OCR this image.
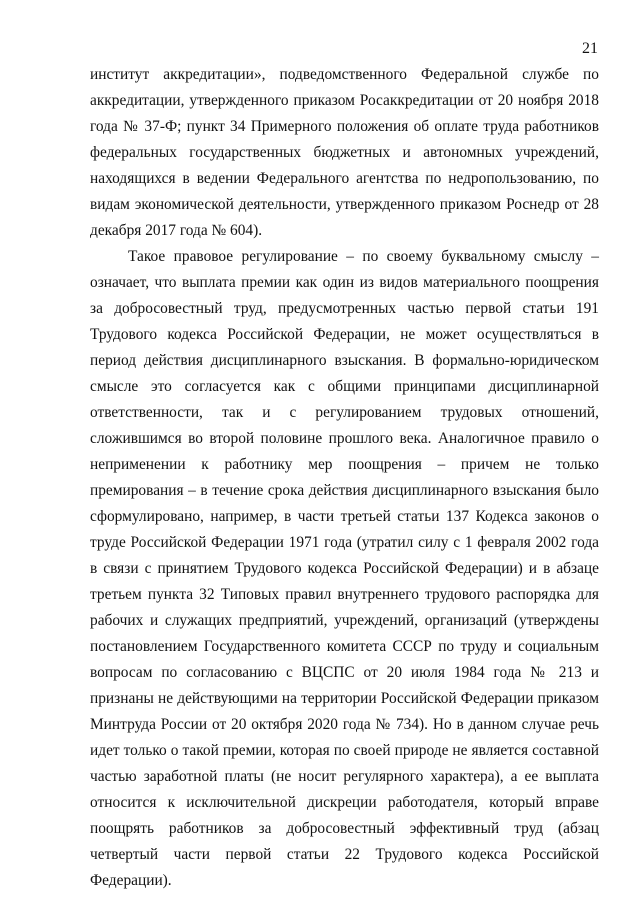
21

институт аккредитации», подведомственного Федеральной службе по аккредитации, утвержденного приказом Росаккредитации от 20 ноября 2018 года № 37-Ф; пункт 34 Примерного положения об оплате труда работников федеральных государственных бюджетных и автономных учреждений, находящихся в ведении Федерального агентства по недропользованию, по видам экономической деятельности, утвержденного приказом Роснедр от 28 декабря 2017 года № 604).

Такое правовое регулирование – по своему буквальному смыслу – означает, что выплата премии как один из видов материального поощрения за добросовестный труд, предусмотренных частью первой статьи 191 Трудового кодекса Российской Федерации, не может осуществляться в период действия дисциплинарного взыскания. В формально-юридическом смысле это согласуется как с общими принципами дисциплинарной ответственности, так и с регулированием трудовых отношений, сложившимся во второй половине прошлого века. Аналогичное правило о неприменении к работнику мер поощрения – причем не только премирования – в течение срока действия дисциплинарного взыскания было сформулировано, например, в части третьей статьи 137 Кодекса законов о труде Российской Федерации 1971 года (утратил силу с 1 февраля 2002 года в связи с принятием Трудового кодекса Российской Федерации) и в абзаце третьем пункта 32 Типовых правил внутреннего трудового распорядка для рабочих и служащих предприятий, учреждений, организаций (утверждены постановлением Государственного комитета СССР по труду и социальным вопросам по согласованию с ВЦСПС от 20 июля 1984 года № 213 и признаны не действующими на территории Российской Федерации приказом Минтруда России от 20 октября 2020 года № 734). Но в данном случае речь идет только о такой премии, которая по своей природе не является составной частью заработной платы (не носит регулярного характера), а ее выплата относится к исключительной дискреции работодателя, который вправе поощрять работников за добросовестный эффективный труд (абзац четвертый части первой статьи 22 Трудового кодекса Российской Федерации).
